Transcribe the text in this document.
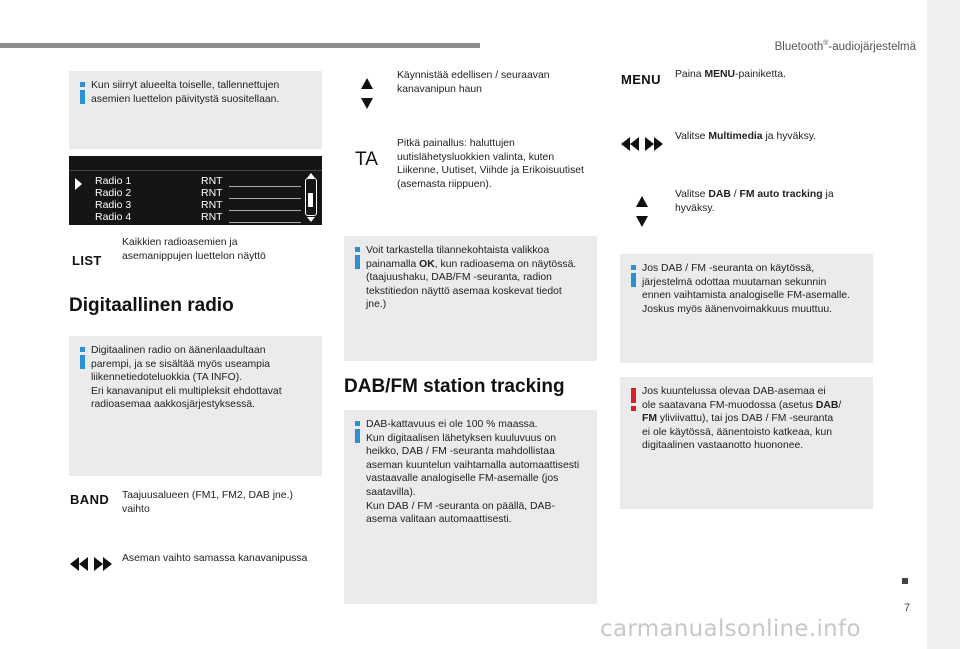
Bluetooth®-audiojärjestelmä
7
carmanualsonline.info
Kun siirryt alueelta toiselle, tallennettujen
asemien luettelon päivitystä suositellaan.
Radio 1
Radio 2
Radio 3
Radio 4
RNT
RNT
RNT
RNT
LIST
Kaikkien radioasemien ja
asemanippujen luettelon näyttö
Digitaallinen radio
Digitaalinen radio on äänenlaadultaan
parempi, ja se sisältää myös useampia
liikennetiedoteluokkia (TA INFO).
Eri kanavaniput eli multipleksit ehdottavat
radioasemaa aakkosjärjestyksessä.
BAND Taajuusalueen (FM1, FM2, DAB jne.)
vaihto
Aseman vaihto samassa kanavanipussa
Käynnistää edellisen / seuraavan
kanavanipun haun
TA
Pitkä painallus: haluttujen
uutislähetysluokkien valinta, kuten
Liikenne, Uutiset, Viihde ja Erikoisuutiset
(asemasta riippuen).
Voit tarkastella tilannekohtaista valikkoa
painamalla OK, kun radioasema on näytössä.
(taajuushaku, DAB/FM -seuranta, radion
tekstitiedon näyttö asemaa koskevat tiedot
jne.)
DAB/FM station tracking
DAB-kattavuus ei ole 100 % maassa.
Kun digitaalisen lähetyksen kuuluvuus on
heikko, DAB / FM -seuranta mahdollistaa
aseman kuuntelun vaihtamalla automaattisesti
vastaavalle analogiselle FM-asemalle (jos
saatavilla).
Kun DAB / FM -seuranta on päällä, DAB-
asema valitaan automaattisesti.
MENU Paina MENU-painiketta.
Valitse Multimedia ja hyväksy.
Valitse DAB / FM auto tracking ja
hyväksy.
Jos DAB / FM -seuranta on käytössä,
järjestelmä odottaa muutaman sekunnin
ennen vaihtamista analogiselle FM-asemalle.
Joskus myös äänenvoimakkuus muuttuu.
Jos kuuntelussa olevaa DAB-asemaa ei
ole saatavana FM-muodossa (asetus DAB/
FM yliviivattu), tai jos DAB / FM -seuranta
ei ole käytössä, äänentoisto katkeaa, kun
digitaalinen vastaanotto huononee.
